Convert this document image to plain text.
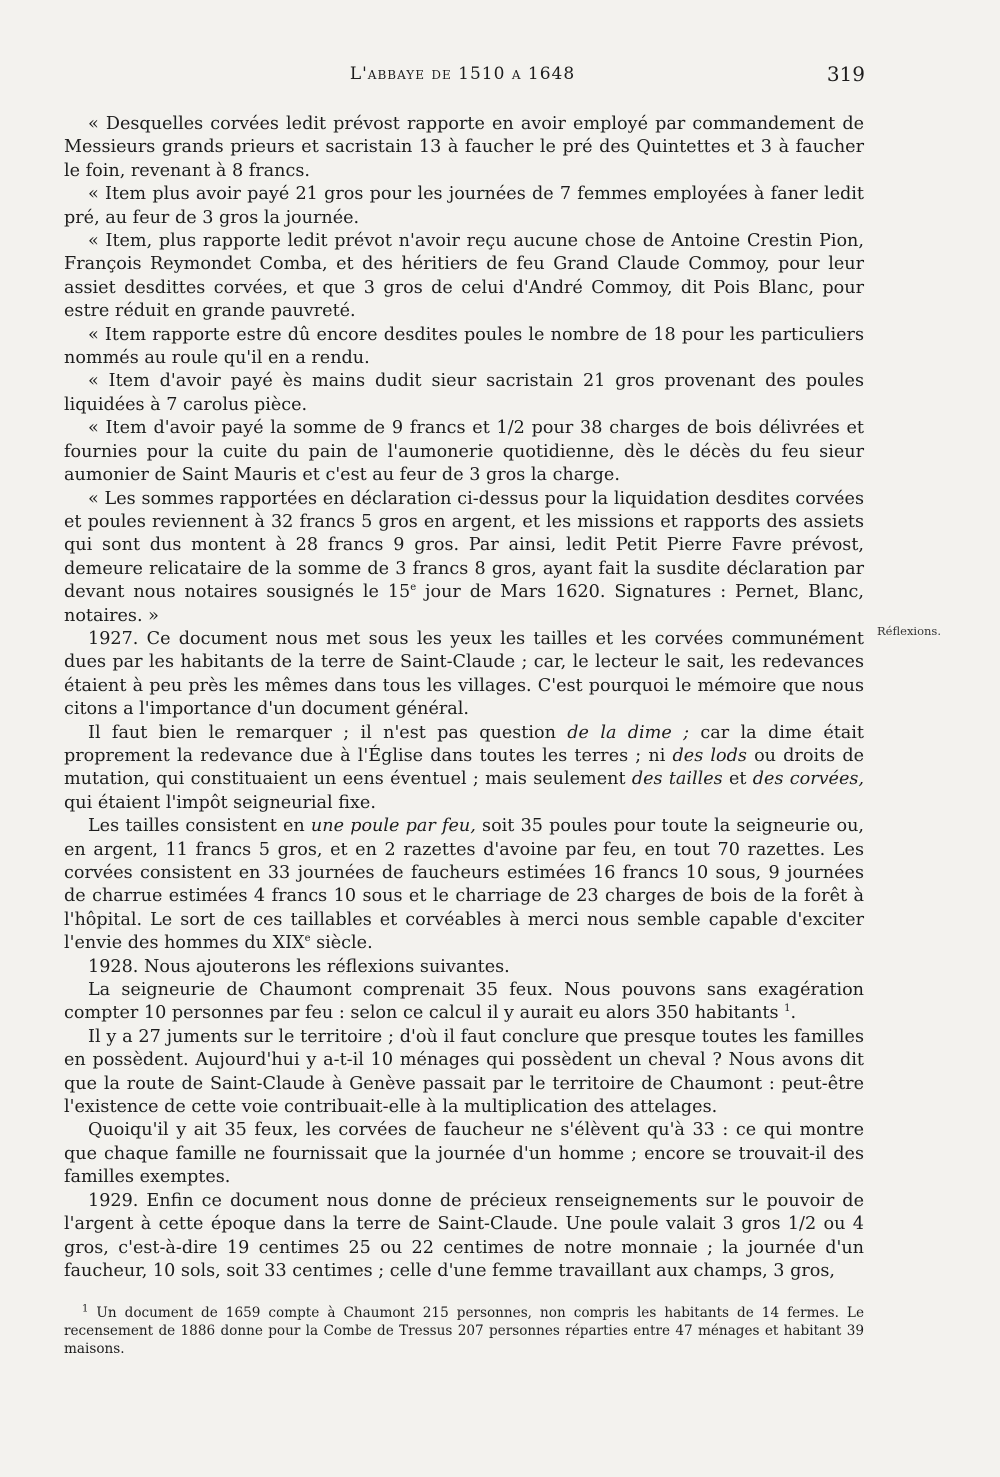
L'abbaye de 1510 a 1648	319
Réflexions.

« Desquelles corvées ledit prévost rapporte en avoir employé par commandement de Messieurs grands prieurs et sacristain 13 à faucher le pré des Quintettes et 3 à faucher le foin, revenant à 8 francs.

« Item plus avoir payé 21 gros pour les journées de 7 femmes employées à faner ledit pré, au feur de 3 gros la journée.

« Item, plus rapporte ledit prévot n'avoir reçu aucune chose de Antoine Crestin Pion, François Reymondet Comba, et des héritiers de feu Grand Claude Commoy, pour leur assiet desdittes corvées, et que 3 gros de celui d'André Commoy, dit Pois Blanc, pour estre réduit en grande pauvreté.

« Item rapporte estre dû encore desdites poules le nombre de 18 pour les particuliers nommés au roule qu'il en a rendu.

« Item d'avoir payé ès mains dudit sieur sacristain 21 gros provenant des poules liquidées à 7 carolus pièce.

« Item d'avoir payé la somme de 9 francs et 1/2 pour 38 charges de bois délivrées et fournies pour la cuite du pain de l'aumonerie quotidienne, dès le décès du feu sieur aumonier de Saint Mauris et c'est au feur de 3 gros la charge.

« Les sommes rapportées en déclaration ci-dessus pour la liquidation desdites corvées et poules reviennent à 32 francs 5 gros en argent, et les missions et rapports des assiets qui sont dus montent à 28 francs 9 gros. Par ainsi, ledit Petit Pierre Favre prévost, demeure relicataire de la somme de 3 francs 8 gros, ayant fait la susdite déclaration par devant nous notaires sousignés le 15e jour de Mars 1620. Signatures : Pernet, Blanc, notaires. »

1927. Ce document nous met sous les yeux les tailles et les corvées communément dues par les habitants de la terre de Saint-Claude ; car, le lecteur le sait, les redevances étaient à peu près les mêmes dans tous les villages. C'est pourquoi le mémoire que nous citons a l'importance d'un document général.

Il faut bien le remarquer ; il n'est pas question de la dime ; car la dime était proprement la redevance due à l'Église dans toutes les terres ; ni des lods ou droits de mutation, qui constituaient un eens éventuel ; mais seulement des tailles et des corvées, qui étaient l'impôt seigneurial fixe.

Les tailles consistent en une poule par feu, soit 35 poules pour toute la seigneurie ou, en argent, 11 francs 5 gros, et en 2 razettes d'avoine par feu, en tout 70 razettes. Les corvées consistent en 33 journées de faucheurs estimées 16 francs 10 sous, 9 journées de charrue estimées 4 francs 10 sous et le charriage de 23 charges de bois de la forêt à l'hôpital. Le sort de ces taillables et corvéables à merci nous semble capable d'exciter l'envie des hommes du XIXe siècle.

1928. Nous ajouterons les réflexions suivantes.

La seigneurie de Chaumont comprenait 35 feux. Nous pouvons sans exagération compter 10 personnes par feu : selon ce calcul il y aurait eu alors 350 habitants $^1$.

Il y a 27 juments sur le territoire ; d'où il faut conclure que presque toutes les familles en possèdent. Aujourd'hui y a-t-il 10 ménages qui possèdent un cheval ? Nous avons dit que la route de Saint-Claude à Genève passait par le territoire de Chaumont : peut-être l'existence de cette voie contribuait-elle à la multiplication des attelages.

Quoiqu'il y ait 35 feux, les corvées de faucheur ne s'élèvent qu'à 33 : ce qui montre que chaque famille ne fournissait que la journée d'un homme ; encore se trouvait-il des familles exemptes.

1929. Enfin ce document nous donne de précieux renseignements sur le pouvoir de l'argent à cette époque dans la terre de Saint-Claude. Une poule valait 3 gros 1/2 ou 4 gros, c'est-à-dire 19 centimes 25 ou 22 centimes de notre monnaie ; la journée d'un faucheur, 10 sols, soit 33 centimes ; celle d'une femme travaillant aux champs, 3 gros,

$^1$ Un document de 1659 compte à Chaumont 215 personnes, non compris les habitants de 14 fermes. Le recensement de 1886 donne pour la Combe de Tressus 207 personnes réparties entre 47 ménages et habitant 39 maisons.
